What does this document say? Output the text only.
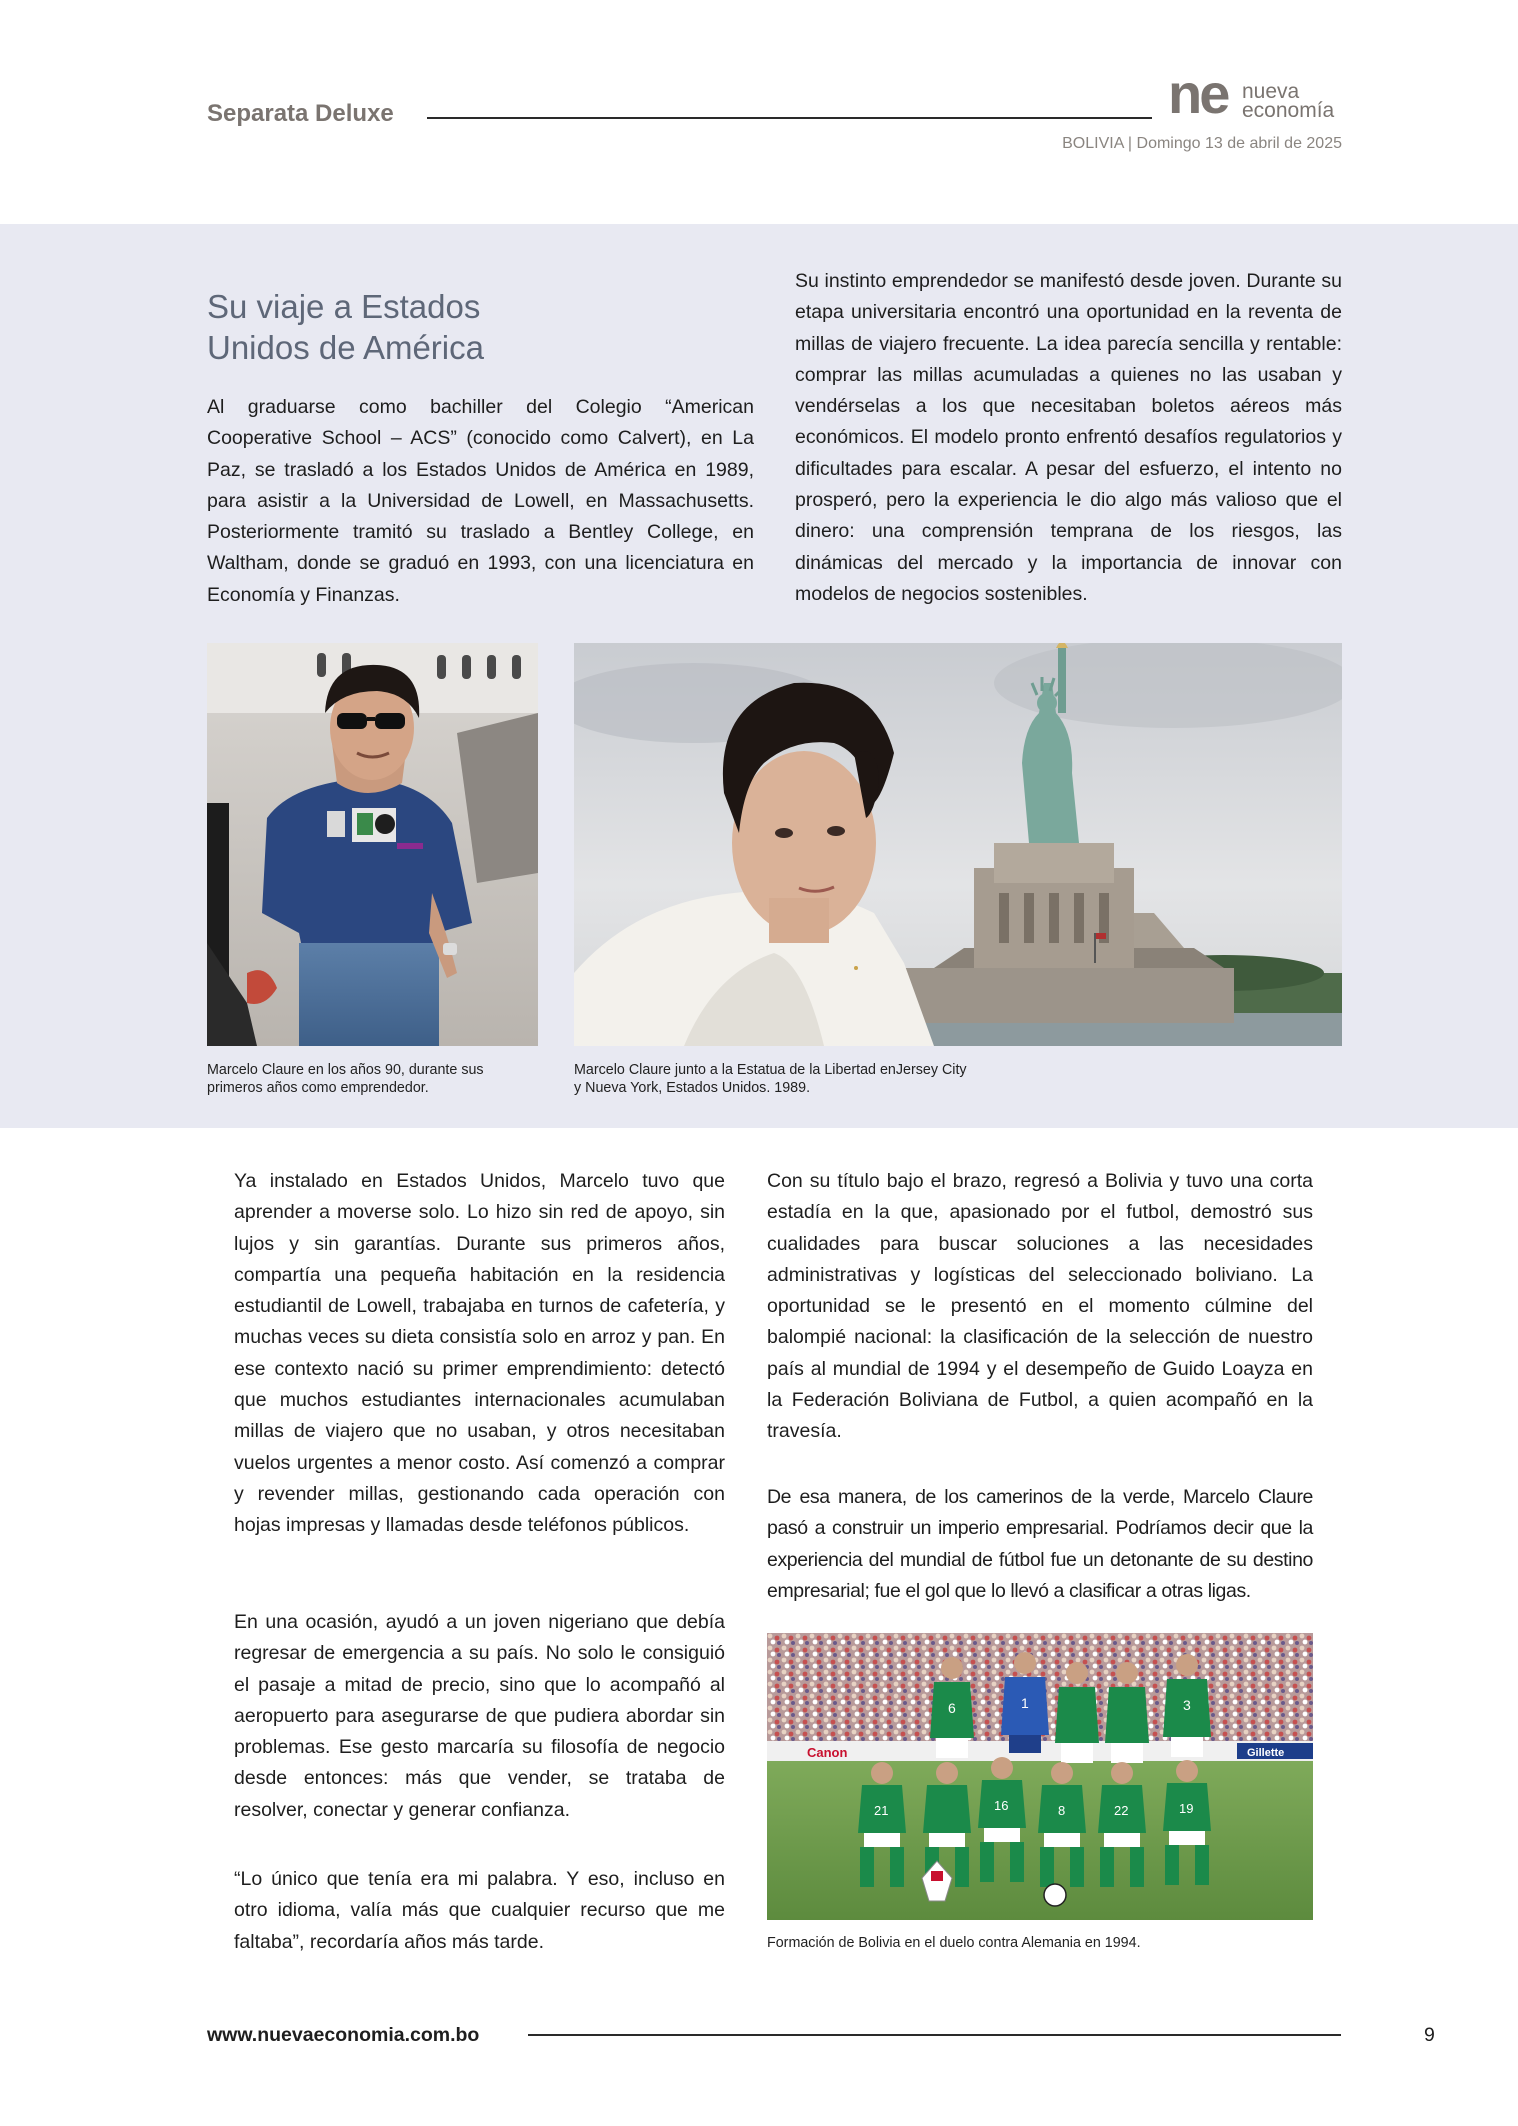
Separata Deluxe	ne nueva
economía
BOLIVIA | Domingo 13 de abril de 2025
Su viaje a Estados
Unidos de América

Al graduarse como bachiller del Colegio “American Cooperative School – ACS” (conocido como Calvert), en La Paz, se trasladó a los Estados Unidos de América en 1989, para asistir a la Universidad de Lowell, en Massachusetts. Posteriormente tramitó su traslado a Bentley College, en Waltham, donde se graduó en 1993, con una licenciatura en Economía y Finanzas.

Su instinto emprendedor se manifestó desde joven. Durante su etapa universitaria encontró una oportunidad en la reventa de millas de viajero frecuente. La idea parecía sencilla y rentable: comprar las millas acumuladas a quienes no las usaban y vendérselas a los que necesitaban boletos aéreos más económicos. El modelo pronto enfrentó desafíos regulatorios y dificultades para escalar. A pesar del esfuerzo, el intento no prosperó, pero la experiencia le dio algo más valioso que el dinero: una comprensión temprana de los riesgos, las dinámicas del mercado y la importancia de innovar con modelos de negocios sostenibles.

Marcelo Claure en los años 90, durante sus primeros años como emprendedor.
Marcelo Claure junto a la Estatua de la Libertad enJersey City y Nueva York, Estados Unidos. 1989.

Ya instalado en Estados Unidos, Marcelo tuvo que aprender a moverse solo. Lo hizo sin red de apoyo, sin lujos y sin garantías. Durante sus primeros años, compartía una pequeña habitación en la residencia estudiantil de Lowell, trabajaba en turnos de cafetería, y muchas veces su dieta consistía solo en arroz y pan. En ese contexto nació su primer emprendimiento: detectó que muchos estudiantes internacionales acumulaban millas de viajero que no usaban, y otros necesitaban vuelos urgentes a menor costo. Así comenzó a comprar y revender millas, gestionando cada operación con hojas impresas y llamadas desde teléfonos públicos.

En una ocasión, ayudó a un joven nigeriano que debía regresar de emergencia a su país. No solo le consiguió el pasaje a mitad de precio, sino que lo acompañó al aeropuerto para asegurarse de que pudiera abordar sin problemas. Ese gesto marcaría su filosofía de negocio desde entonces: más que vender, se trataba de resolver, conectar y generar confianza.

“Lo único que tenía era mi palabra. Y eso, incluso en otro idioma, valía más que cualquier recurso que me faltaba”, recordaría años más tarde.

Con su título bajo el brazo, regresó a Bolivia y tuvo una corta estadía en la que, apasionado por el futbol, demostró sus cualidades para buscar soluciones a las necesidades administrativas y logísticas del seleccionado boliviano. La oportunidad se le presentó en el momento cúlmine del balompié nacional: la clasificación de la selección de nuestro país al mundial de 1994 y el desempeño de Guido Loayza en la Federación Boliviana de Futbol, a quien acompañó en la travesía.

De esa manera, de los camerinos de la verde, Marcelo Claure pasó a construir un imperio empresarial. Podríamos decir que la experiencia del mundial de fútbol fue un detonante de su destino empresarial; fue el gol que lo llevó a clasificar a otras ligas.

Canon	Gillette
6	1	3
21	16	8	22	19
Formación de Bolivia en el duelo contra Alemania en 1994.
www.nuevaeconomia.com.bo	9
